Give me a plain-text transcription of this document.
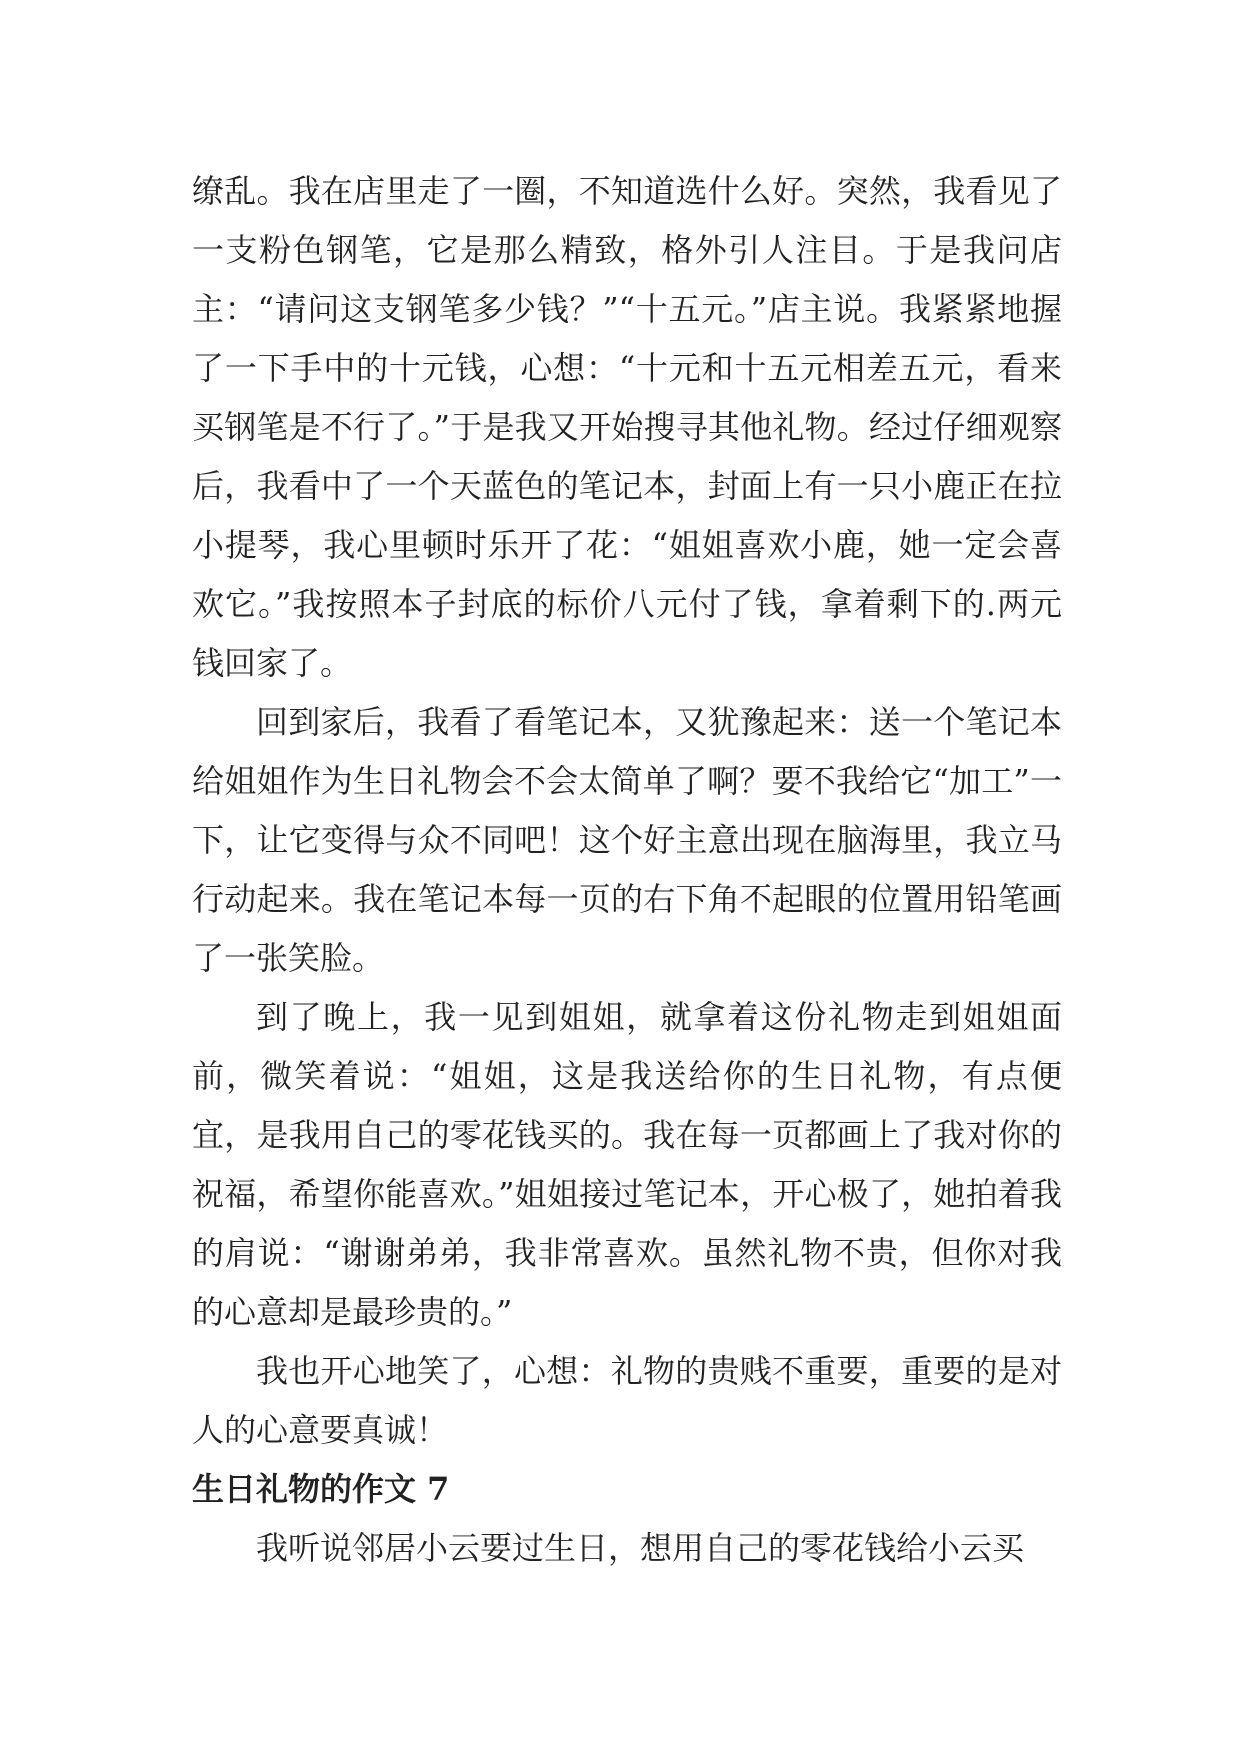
缭乱。我在店里走了一圈，不知道选什么好。突然，我看见了一支粉色钢笔，它是那么精致，格外引人注目。于是我问店主：“请问这支钢笔多少钱？”“十五元。”店主说。我紧紧地握了一下手中的十元钱，心想：“十元和十五元相差五元，看来买钢笔是不行了。”于是我又开始搜寻其他礼物。经过仔细观察后，我看中了一个天蓝色的笔记本，封面上有一只小鹿正在拉小提琴，我心里顿时乐开了花：“姐姐喜欢小鹿，她一定会喜欢它。”我按照本子封底的标价八元付了钱，拿着剩下的.两元钱回家了。

回到家后，我看了看笔记本，又犹豫起来：送一个笔记本给姐姐作为生日礼物会不会太简单了啊？要不我给它“加工”一下，让它变得与众不同吧！这个好主意出现在脑海里，我立马行动起来。我在笔记本每一页的右下角不起眼的位置用铅笔画了一张笑脸。

到了晚上，我一见到姐姐，就拿着这份礼物走到姐姐面前，微笑着说：“姐姐，这是我送给你的生日礼物，有点便宜，是我用自己的零花钱买的。我在每一页都画上了我对你的祝福，希望你能喜欢。”姐姐接过笔记本，开心极了，她拍着我的肩说：“谢谢弟弟，我非常喜欢。虽然礼物不贵，但你对我的心意却是最珍贵的。”

我也开心地笑了，心想：礼物的贵贱不重要，重要的是对人的心意要真诚！

生日礼物的作文 7

我听说邻居小云要过生日，想用自己的零花钱给小云买
